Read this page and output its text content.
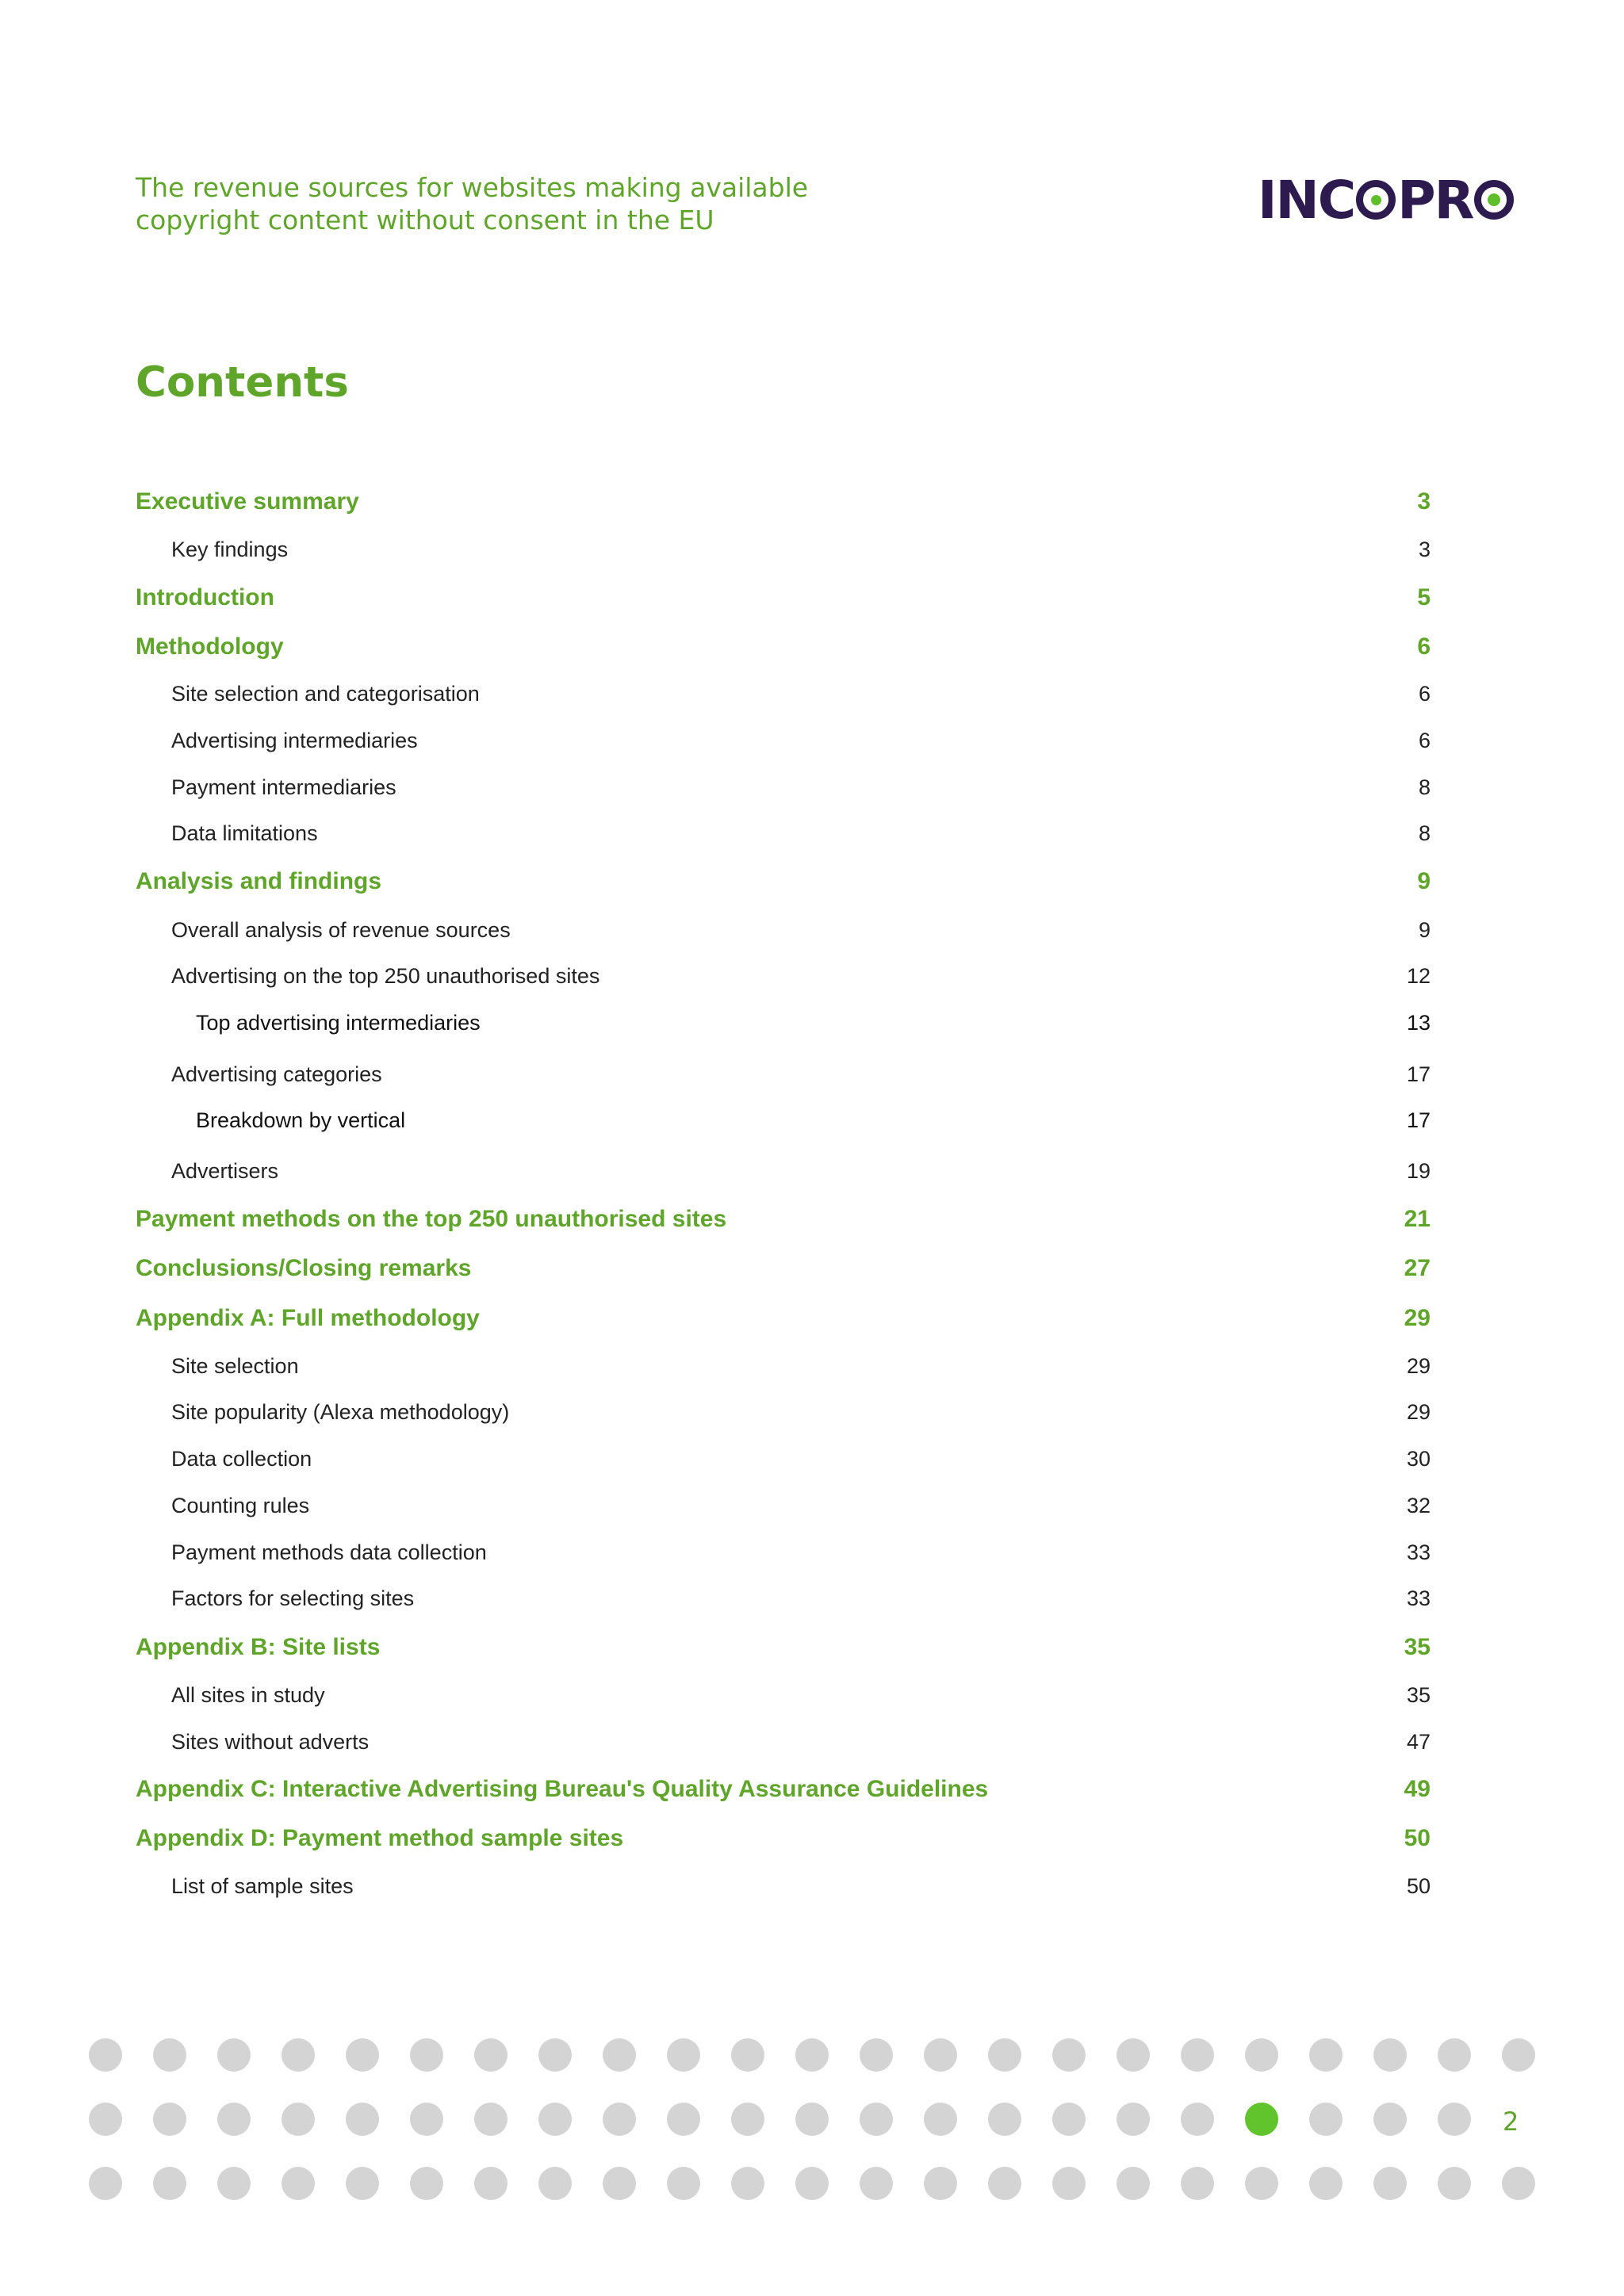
The revenue sources for websites making available
copyright content without consent in the EU	INC PR
Contents
Executive summary	3
Key findings	3
Introduction	5
Methodology	6
Site selection and categorisation	6
Advertising intermediaries	6
Payment intermediaries	8
Data limitations	8
Analysis and findings	9
Overall analysis of revenue sources	9
Advertising on the top 250 unauthorised sites	12
Top advertising intermediaries	13
Advertising categories	17
Breakdown by vertical	17
Advertisers	19
Payment methods on the top 250 unauthorised sites	21
Conclusions/Closing remarks	27
Appendix A: Full methodology	29
Site selection	29
Site popularity (Alexa methodology)	29
Data collection	30
Counting rules	32
Payment methods data collection	33
Factors for selecting sites	33
Appendix B: Site lists	35
All sites in study	35
Sites without adverts	47
Appendix C: Interactive Advertising Bureau's Quality Assurance Guidelines	49
Appendix D: Payment method sample sites	50
List of sample sites	50
2
